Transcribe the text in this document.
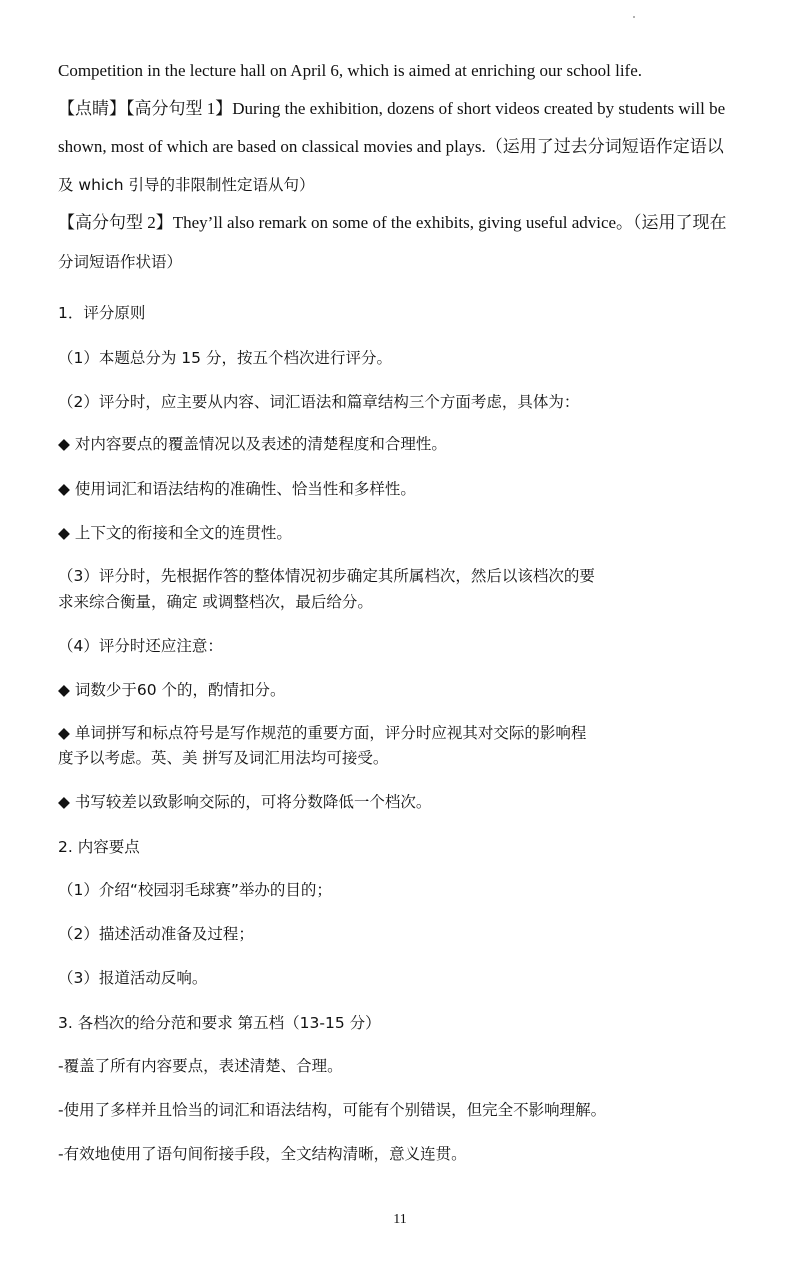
Competition in the lecture hall on April 6, which is aimed at enriching our school life.
【点睛】【高分句型 1】During the exhibition, dozens of short videos created by students will be
shown, most of which are based on classical movies and plays.（运用了过去分词短语作定语以
及 which 引导的非限制性定语从句）
【高分句型 2】They’ll also remark on some of the exhibits, giving useful advice。（运用了现在
分词短语作状语）
1．评分原则
（1）本题总分为 15 分，按五个档次进行评分。
（2）评分时，应主要从内容、词汇语法和篇章结构三个方面考虑，具体为：
◆ 对内容要点的覆盖情况以及表述的清楚程度和合理性。
◆ 使用词汇和语法结构的准确性、恰当性和多样性。
◆ 上下文的衔接和全文的连贯性。
（3）评分时，先根据作答的整体情况初步确定其所属档次，然后以该档次的要
求来综合衡量，确定 或调整档次，最后给分。
（4）评分时还应注意：
◆ 词数少于60 个的，酌情扣分。
◆ 单词拼写和标点符号是写作规范的重要方面，评分时应视其对交际的影响程
度予以考虑。英、美 拼写及词汇用法均可接受。
◆ 书写较差以致影响交际的，可将分数降低一个档次。
2. 内容要点
（1）介绍“校园羽毛球赛”举办的目的；
（2）描述活动准备及过程；
（3）报道活动反响。
3. 各档次的给分范和要求 第五档（13-15 分）
-覆盖了所有内容要点，表述清楚、合理。
-使用了多样并且恰当的词汇和语法结构，可能有个别错误，但完全不影响理解。
-有效地使用了语句间衔接手段，全文结构清晰，意义连贯。
11
